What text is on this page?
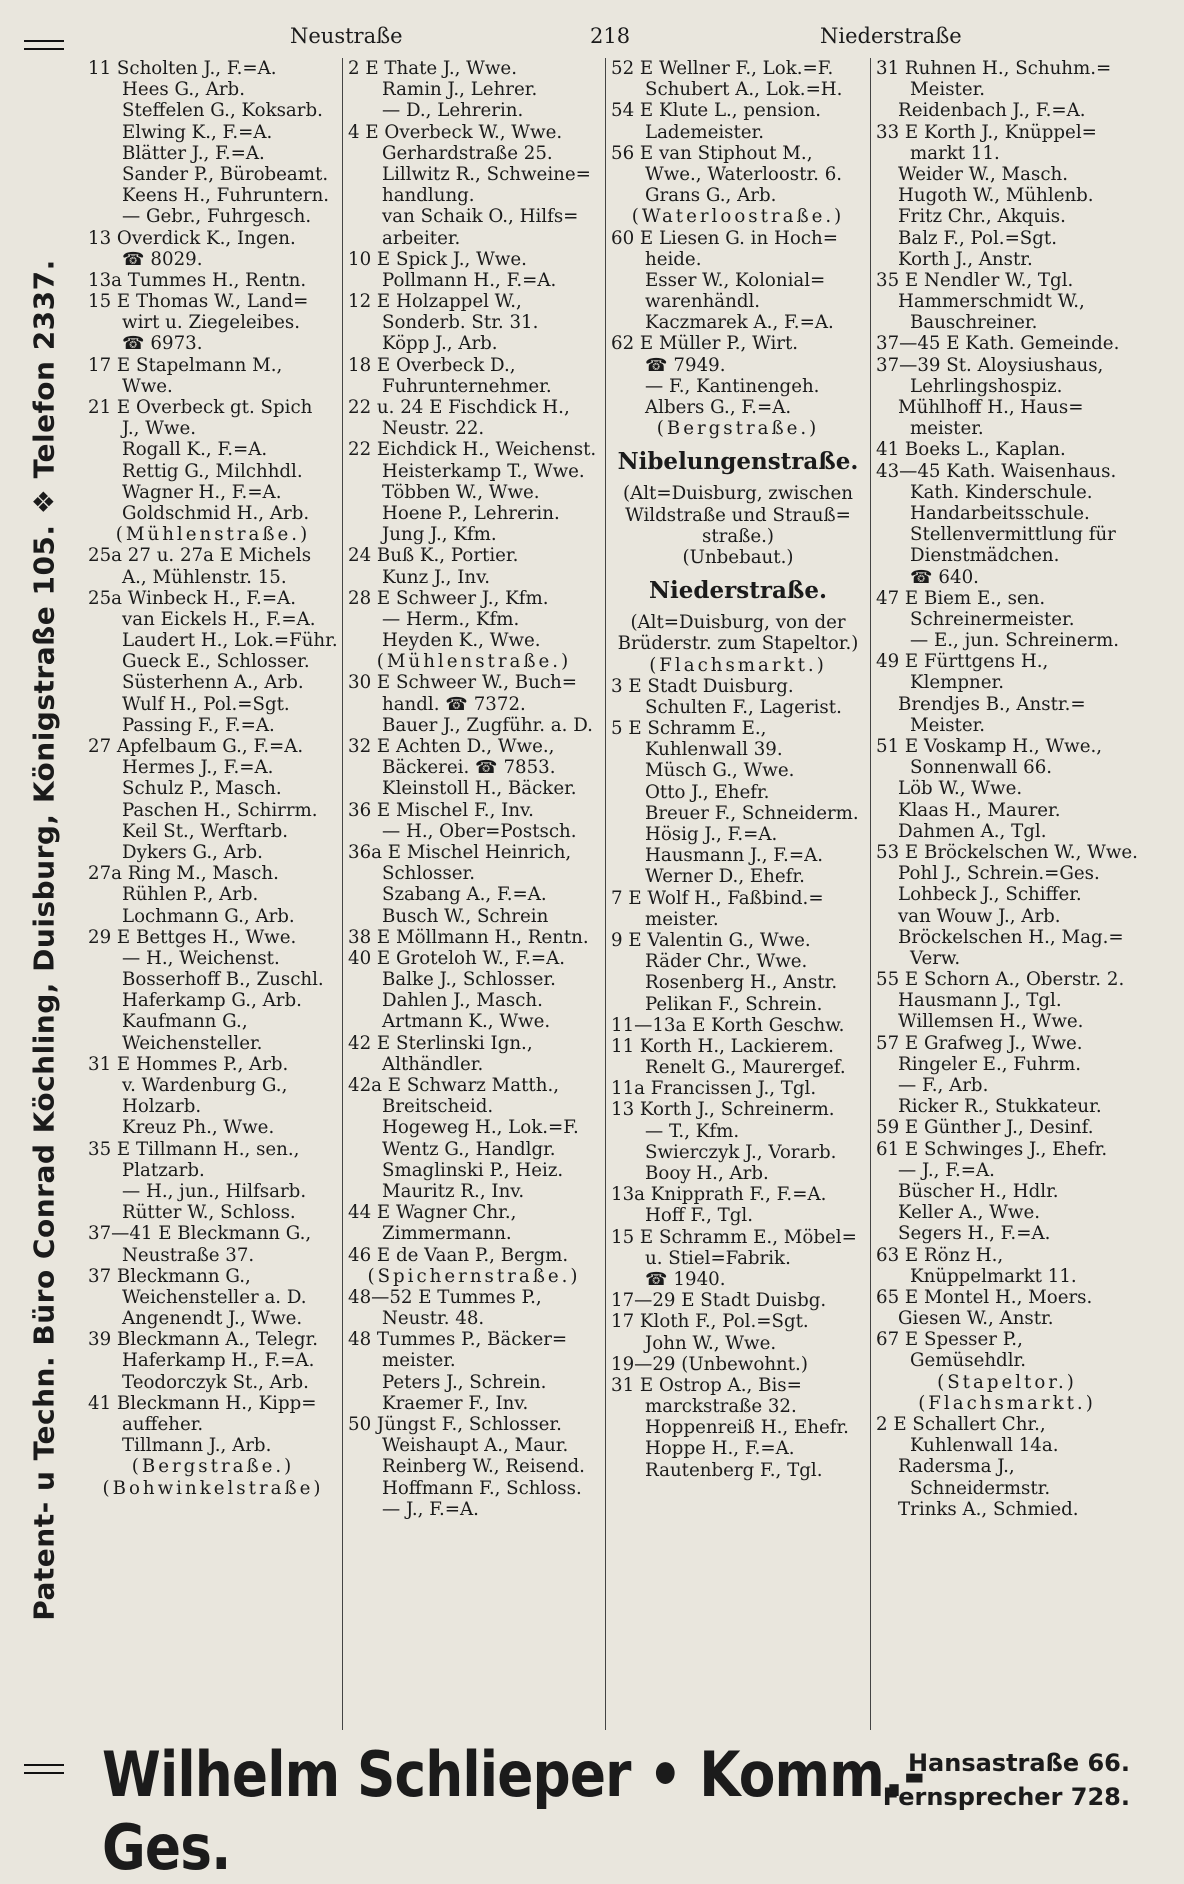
Patent- u Techn. Büro Conrad Köchling, Duisburg, Königstraße 105. ❖ Telefon 2337.
Neustraße	218	Niederstraße
11 Scholten J., F.=A.
Hees G., Arb.
Steffelen G., Koksarb.
Elwing K., F.=A.
Blätter J., F.=A.
Sander P., Bürobeamt.
Keens H., Fuhruntern.
— Gebr., Fuhrgesch.
13 Overdick K., Ingen.
☎ 8029.
13a Tummes H., Rentn.
15 E Thomas W., Land=
wirt u. Ziegeleibes.
☎ 6973.
17 E Stapelmann M.,
Wwe.
21 E Overbeck gt. Spich
J., Wwe.
Rogall K., F.=A.
Rettig G., Milchhdl.
Wagner H., F.=A.
Goldschmid H., Arb.
(Mühlenstraße.)
25a 27 u. 27a E Michels
A., Mühlenstr. 15.
25a Winbeck H., F.=A.
van Eickels H., F.=A.
Laudert H., Lok.=Führ.
Gueck E., Schlosser.
Süsterhenn A., Arb.
Wulf H., Pol.=Sgt.
Passing F., F.=A.
27 Apfelbaum G., F.=A.
Hermes J., F.=A.
Schulz P., Masch.
Paschen H., Schirrm.
Keil St., Werftarb.
Dykers G., Arb.
27a Ring M., Masch.
Rühlen P., Arb.
Lochmann G., Arb.
29 E Bettges H., Wwe.
— H., Weichenst.
Bosserhoff B., Zuschl.
Haferkamp G., Arb.
Kaufmann G.,
Weichensteller.
31 E Hommes P., Arb.
v. Wardenburg G.,
Holzarb.
Kreuz Ph., Wwe.
35 E Tillmann H., sen.,
Platzarb.
— H., jun., Hilfsarb.
Rütter W., Schloss.
37—41 E Bleckmann G.,
Neustraße 37.
37 Bleckmann G.,
Weichensteller a. D.
Angenendt J., Wwe.
39 Bleckmann A., Telegr.
Haferkamp H., F.=A.
Teodorczyk St., Arb.
41 Bleckmann H., Kipp=
auffeher.
Tillmann J., Arb.
(Bergstraße.)
(Bohwinkelstraße)
2 E Thate J., Wwe.
Ramin J., Lehrer.
— D., Lehrerin.
4 E Overbeck W., Wwe.
Gerhardstraße 25.
Lillwitz R., Schweine=
handlung.
van Schaik O., Hilfs=
arbeiter.
10 E Spick J., Wwe.
Pollmann H., F.=A.
12 E Holzappel W.,
Sonderb. Str. 31.
Köpp J., Arb.
18 E Overbeck D.,
Fuhrunternehmer.
22 u. 24 E Fischdick H.,
Neustr. 22.
22 Eichdick H., Weichenst.
Heisterkamp T., Wwe.
Többen W., Wwe.
Hoene P., Lehrerin.
Jung J., Kfm.
24 Buß K., Portier.
Kunz J., Inv.
28 E Schweer J., Kfm.
— Herm., Kfm.
Heyden K., Wwe.
(Mühlenstraße.)
30 E Schweer W., Buch=
handl. ☎ 7372.
Bauer J., Zugführ. a. D.
32 E Achten D., Wwe.,
Bäckerei. ☎ 7853.
Kleinstoll H., Bäcker.
36 E Mischel F., Inv.
— H., Ober=Postsch.
36a E Mischel Heinrich,
Schlosser.
Szabang A., F.=A.
Busch W., Schrein
38 E Möllmann H., Rentn.
40 E Groteloh W., F.=A.
Balke J., Schlosser.
Dahlen J., Masch.
Artmann K., Wwe.
42 E Sterlinski Ign.,
Althändler.
42a E Schwarz Matth.,
Breitscheid.
Hogeweg H., Lok.=F.
Wentz G., Handlgr.
Smaglinski P., Heiz.
Mauritz R., Inv.
44 E Wagner Chr.,
Zimmermann.
46 E de Vaan P., Bergm.
(Spichernstraße.)
48—52 E Tummes P.,
Neustr. 48.
48 Tummes P., Bäcker=
meister.
Peters J., Schrein.
Kraemer F., Inv.
50 Jüngst F., Schlosser.
Weishaupt A., Maur.
Reinberg W., Reisend.
Hoffmann F., Schloss.
— J., F.=A.
52 E Wellner F., Lok.=F.
Schubert A., Lok.=H.
54 E Klute L., pension.
Lademeister.
56 E van Stiphout M.,
Wwe., Waterloostr. 6.
Grans G., Arb.
(Waterloostraße.)
60 E Liesen G. in Hoch=
heide.
Esser W., Kolonial=
warenhändl.
Kaczmarek A., F.=A.
62 E Müller P., Wirt.
☎ 7949.
— F., Kantinengeh.
Albers G., F.=A.
(Bergstraße.)
Nibelungenstraße.
(Alt=Duisburg, zwischen
Wildstraße und Strauß=
straße.)
(Unbebaut.)
Niederstraße.
(Alt=Duisburg, von der
Brüderstr. zum Stapeltor.)
(Flachsmarkt.)
3 E Stadt Duisburg.
Schulten F., Lagerist.
5 E Schramm E.,
Kuhlenwall 39.
Müsch G., Wwe.
Otto J., Ehefr.
Breuer F., Schneiderm.
Hösig J., F.=A.
Hausmann J., F.=A.
Werner D., Ehefr.
7 E Wolf H., Faßbind.=
meister.
9 E Valentin G., Wwe.
Räder Chr., Wwe.
Rosenberg H., Anstr.
Pelikan F., Schrein.
11—13a E Korth Geschw.
11 Korth H., Lackierem.
Renelt G., Maurergef.
11a Francissen J., Tgl.
13 Korth J., Schreinerm.
— T., Kfm.
Swierczyk J., Vorarb.
Booy H., Arb.
13a Knipprath F., F.=A.
Hoff F., Tgl.
15 E Schramm E., Möbel=
u. Stiel=Fabrik.
☎ 1940.
17—29 E Stadt Duisbg.
17 Kloth F., Pol.=Sgt.
John W., Wwe.
19—29 (Unbewohnt.)
31 E Ostrop A., Bis=
marckstraße 32.
Hoppenreiß H., Ehefr.
Hoppe H., F.=A.
Rautenberg F., Tgl.
31 Ruhnen H., Schuhm.=
Meister.
Reidenbach J., F.=A.
33 E Korth J., Knüppel=
markt 11.
Weider W., Masch.
Hugoth W., Mühlenb.
Fritz Chr., Akquis.
Balz F., Pol.=Sgt.
Korth J., Anstr.
35 E Nendler W., Tgl.
Hammerschmidt W.,
Bauschreiner.
37—45 E Kath. Gemeinde.
37—39 St. Aloysiushaus,
Lehrlingshospiz.
Mühlhoff H., Haus=
meister.
41 Boeks L., Kaplan.
43—45 Kath. Waisenhaus.
Kath. Kinderschule.
Handarbeitsschule.
Stellenvermittlung für
Dienstmädchen.
☎ 640.
47 E Biem E., sen.
Schreinermeister.
— E., jun. Schreinerm.
49 E Fürttgens H.,
Klempner.
Brendjes B., Anstr.=
Meister.
51 E Voskamp H., Wwe.,
Sonnenwall 66.
Löb W., Wwe.
Klaas H., Maurer.
Dahmen A., Tgl.
53 E Bröckelschen W., Wwe.
Pohl J., Schrein.=Ges.
Lohbeck J., Schiffer.
van Wouw J., Arb.
Bröckelschen H., Mag.=
Verw.
55 E Schorn A., Oberstr. 2.
Hausmann J., Tgl.
Willemsen H., Wwe.
57 E Grafweg J., Wwe.
Ringeler E., Fuhrm.
— F., Arb.
Ricker R., Stukkateur.
59 E Günther J., Desinf.
61 E Schwinges J., Ehefr.
— J., F.=A.
Büscher H., Hdlr.
Keller A., Wwe.
Segers H., F.=A.
63 E Rönz H.,
Knüppelmarkt 11.
65 E Montel H., Moers.
Giesen W., Anstr.
67 E Spesser P.,
Gemüsehdlr.
(Stapeltor.)
(Flachsmarkt.)
2 E Schallert Chr.,
Kuhlenwall 14a.
Radersma J.,
Schneidermstr.
Trinks A., Schmied.
Wilhelm Schlieper • Komm.-Ges.
Hansastraße 66.
Fernsprecher 728.
